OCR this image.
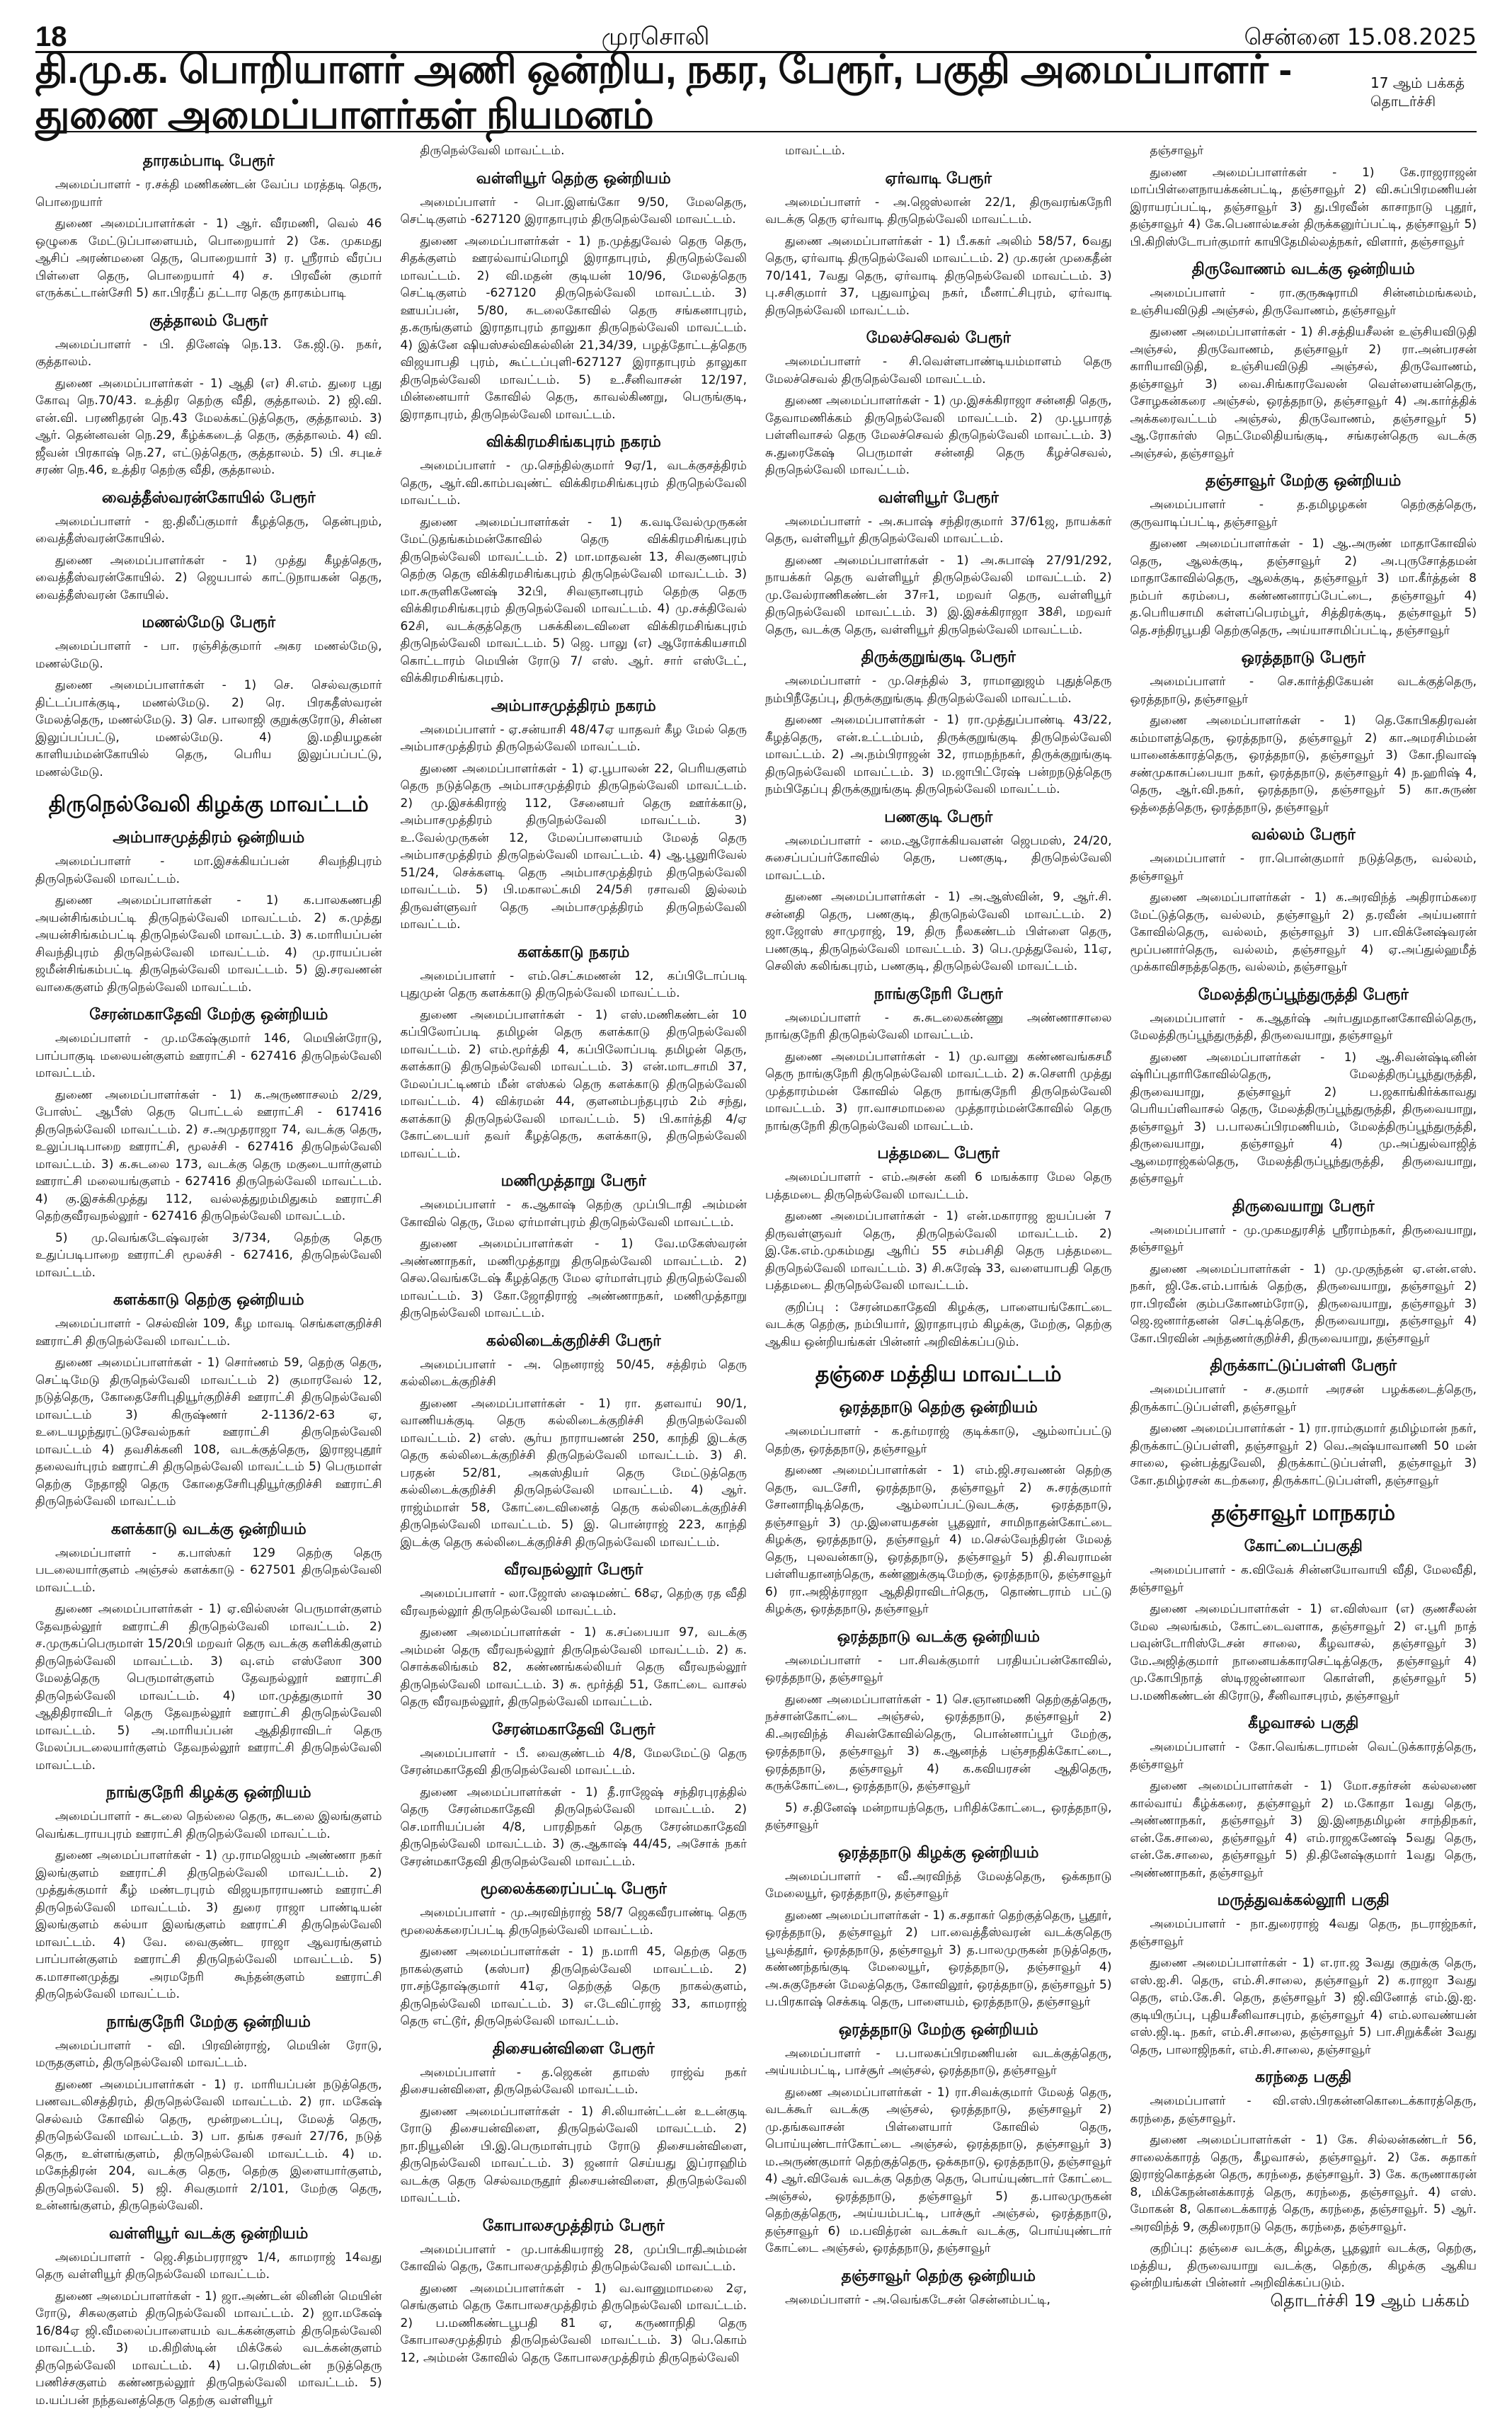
18	முரசொலி	சென்னை 15.08.2025
தி.மு.க. பொறியாளர் அணி ஒன்றிய, நகர, பேரூர், பகுதி அமைப்பாளர் - துணை அமைப்பாளர்கள் நியமனம்
17 ஆம் பக்கத் தொடர்ச்சி
தாரகம்பாடி பேரூர்

அமைப்பாளர் - ர.சக்தி மணிகண்டன் வேப்ப மரத்தடி தெரு, பொறையார்

துணை அமைப்பாளர்கள் - 1) ஆர். வீரமணி, வெல் 46 ஒழுகை மேட்டுப்பாளையம், பொறையார் 2) கே. முகமது ஆசிப் அரண்மனை தெரு, பொறையார் 3) ர. ஸ்ரீராம் வீரப்ப பிள்ளை தெரு, பொறையார் 4) ச. பிரவீன் குமார் எருக்கட்டான்சேரி 5) கா.பிரதீப் தட்டார தெரு தாரகம்பாடி

குத்தாலம் பேரூர்

அமைப்பாளர் - பி. தினேஷ் நெ.13. கே.ஜி.டு. நகர், குத்தாலம்.

துணை அமைப்பாளர்கள் - 1) ஆதி (எ) சி.எம். துரை புது கோவு நெ.70/43. உத்திர தெற்கு வீதி, குத்தாலம். 2) ஜி.வி. என்.வி. பரணிதரன் நெ.43 மேலக்கட்டுத்தெரு, குத்தாலம். 3) ஆர். தென்னவன் நெ.29, கீழ்க்கடைத் தெரு, குத்தாலம். 4) வி. ஜீவன் பிரகாஷ் நெ.27, எட்டுத்தெரு, குத்தாலம். 5) பி. சபுடீச் சரண் நெ.46, உத்திர தெற்கு வீதி, குத்தாலம்.

வைத்தீஸ்வரன்கோயில் பேரூர்

அமைப்பாளர் - ஐ.திலீப்குமார் கீழத்தெரு, தென்புறம், வைத்தீஸ்வரன்கோயில்.

துணை அமைப்பாளர்கள் - 1) முத்து கீழத்தெரு, வைத்தீஸ்வரன்கோயில். 2) ஜெயபால் காட்டுநாயகன் தெரு, வைத்தீஸ்வரன் கோயில்.

மணல்மேடு பேரூர்

அமைப்பாளர் - பா. ரஞ்சித்குமார் அகர மணல்மேடு, மணல்மேடு.

துணை அமைப்பாளர்கள் - 1) செ. செல்வகுமார் திட்டப்பாக்குடி, மணல்மேடு. 2) ரெ. பிரகதீஸ்வரன் மேலத்தெரு, மணல்மேடு. 3) செ. பாலாஜி குறுக்குரோடு, சின்ன இலுப்பப்பட்டு, மணல்மேடு. 4) இ.மதியழகன் காளியம்மன்கோயில் தெரு, பெரிய இலுப்பப்பட்டு, மணல்மேடு.

திருநெல்வேலி கிழக்கு மாவட்டம்
அம்பாசமுத்திரம் ஒன்றியம்

அமைப்பாளர் - மா.இசக்கியப்பன் சிவந்திபுரம் திருநெல்வேலி மாவட்டம்.

துணை அமைப்பாளர்கள் - 1) க.பாலகணபதி அயன்சிங்கம்பட்டி திருநெல்வேலி மாவட்டம். 2) க.முத்து அயன்சிங்கம்பட்டி திருநெல்வேலி மாவட்டம். 3) க.மாரியப்பன் சிவந்திபுரம் திருநெல்வேலி மாவட்டம். 4) மு.ராயப்பன் ஜமீன்சிங்கம்பட்டி திருநெல்வேலி மாவட்டம். 5) இ.சரவணன் வாகைகுளம் திருநெல்வேலி மாவட்டம்.

சேரன்மகாதேவி மேற்கு ஒன்றியம்

அமைப்பாளர் - மு.மகேஷ்குமார் 146, மெயின்ரோடு, பாப்பாகுடி மலையன்குளம் ஊராட்சி - 627416 திருநெல்வேலி மாவட்டம்.

துணை அமைப்பாளர்கள் - 1) க.அருணாசலம் 2/29, போஸ்ட் ஆபீஸ் தெரு பொட்டல் ஊராட்சி - 617416 திருநெல்வேலி மாவட்டம். 2) ச.அமுதராஜா 74, வடக்கு தெரு, உலுப்படிபாறை ஊராட்சி, மூலச்சி - 627416 திருநெல்வேலி மாவட்டம். 3) க.சுடலை 173, வடக்கு தெரு மகுடையார்குளம் ஊராட்சி மலையங்குளம் - 627416 திருநெல்வேலி மாவட்டம். 4) கு.இசக்கிமுத்து 112, வல்லத்துறம்மிதுகம் ஊராட்சி தெற்குவீரவநல்லூர் - 627416 திருநெல்வேலி மாவட்டம்.

5) மு.வெங்கடேஷ்வரன் 3/734, தெற்கு தெரு உதுப்படிபாறை ஊராட்சி மூலச்சி - 627416, திருநெல்வேலி மாவட்டம்.

களக்காடு தெற்கு ஒன்றியம்

அமைப்பாளர் - செல்வின் 109, கீழ மாவடி செங்களகுறிச்சி ஊராட்சி திருநெல்வேலி மாவட்டம்.

துணை அமைப்பாளர்கள் - 1) சொர்ணம் 59, தெற்கு தெரு, செட்டிமேடு திருநெல்வேலி மாவட்டம் 2) குமாரவேல் 12, நடுத்தெரு, கோதைசேரிபுதியூர்குறிச்சி ஊராட்சி திருநெல்வேலி மாவட்டம் 3) கிருஷ்ணர் 2-1136/2-63 ஏ, உடையழந்துரட்டுசேவல்நகர் ஊராட்சி திருநெல்வேலி மாவட்டம் 4) தவசிக்கனி 108, வடக்குத்தெரு, இராஜபுதூர் தலைவர்புரம் ஊராட்சி திருநெல்வேலி மாவட்டம் 5) பெருமாள் தெற்கு நேதாஜி தெரு கோதைசேரிபுதியூர்குறிச்சி ஊராட்சி திருநெல்வேலி மாவட்டம்

களக்காடு வடக்கு ஒன்றியம்

அமைப்பாளர் - க.பாஸ்கர் 129 தெற்கு தெரு படலையார்குளம் அஞ்சல் களக்காடு - 627501 திருநெல்வேலி மாவட்டம்.

துணை அமைப்பாளர்கள் - 1) ஏ.வில்ஸன் பெருமாள்குளம் தேவநல்லூர் ஊராட்சி திருநெல்வேலி மாவட்டம். 2) ச.முருகப்பெருமாள் 15/20பி மறவர் தெரு வடக்கு களிக்கிகுளம் திருநெல்வேலி மாவட்டம். 3) வு.எம் எஸ்ஸோ 300 மேலத்தெரு பெருமாள்குளம் தேவநல்லூர் ஊராட்சி திருநெல்வேலி மாவட்டம். 4) மா.முத்துகுமார் 30 ஆதிதிராவிடர் தெரு தேவநல்லூர் ஊராட்சி திருநெல்வேலி மாவட்டம். 5) அ.மாரியப்பன் ஆதிதிராவிடர் தெரு மேலப்படலையார்குளம் தேவநல்லூர் ஊராட்சி திருநெல்வேலி மாவட்டம்.

நாங்குநேரி கிழக்கு ஒன்றியம்

அமைப்பாளர் - சுடலை நெல்லை தெரு, சுடலை இலங்குளம் வெங்கடராயபுரம் ஊராட்சி திருநெல்வேலி மாவட்டம்.

துணை அமைப்பாளர்கள் - 1) மு.ராமஜெயம் அண்ணா நகர் இலங்குளம் ஊராட்சி திருநெல்வேலி மாவட்டம். 2) முத்துக்குமார் கீழ் மண்டரபுரம் விஜயநாராயணம் ஊராட்சி திருநெல்வேலி மாவட்டம். 3) துரை ராஜா பாண்டியன் இலங்குளம் கல்யா இலங்குளம் ஊராட்சி திருநெல்வேலி மாவட்டம். 4) வே. வைகுண்ட ராஜா ஆவரங்குளம் பாப்பான்குளம் ஊராட்சி திருநெல்வேலி மாவட்டம். 5) க.மாசானமுத்து அரமநேரி கூந்தன்குளம் ஊராட்சி திருநெல்வேலி மாவட்டம்.

நாங்குநேரி மேற்கு ஒன்றியம்

அமைப்பாளர் - வி. பிரவின்ராஜ், மெயின் ரோடு, மருதகுளம், திருநெல்வேலி மாவட்டம்.

துணை அமைப்பாளர்கள் - 1) ர. மாரியப்பன் நடுத்தெரு, பணவடலிசத்திரம், திருநெல்வேலி மாவட்டம். 2) ரா. மகேஷ் செல்வம் கோவில் தெரு, மூன்றடைப்பு, மேலத் தெரு, திருநெல்வேலி மாவட்டம். 3) பா. தங்க ரசவர் 27/76, நடுத் தெரு, உள்ளங்குளம், திருநெல்வேலி மாவட்டம். 4) ம. மகேந்திரன் 204, வடக்கு தெரு, தெற்கு இளையார்குளம், திருநெல்வேலி. 5) ஜி. சிவகுமார் 2/101, மேற்கு தெரு, உன்னங்குளம், திருநெல்வேலி.

வள்ளியூர் வடக்கு ஒன்றியம்

அமைப்பாளர் - ஜெ.சிதம்பரராஜு 1/4, காமராஜ் 14வது தெரு வள்ளியூர் திருநெல்வேலி மாவட்டம்.

துணை அமைப்பாளர்கள் - 1) ஜா.அண்டன் லினின் மெயின் ரோடு, சிசுலகுளம் திருநெல்வேலி மாவட்டம். 2) ஜா.மகேஷ் 16/84ஏ ஜி.வீமலைப்பாளையம் வடக்கன்குளம் திருநெல்வேலி மாவட்டம். 3) ம.கிறிஸ்டின் மிக்கேல் வடக்கன்குளம் திருநெல்வேலி மாவட்டம். 4) ப.ரெமிஸ்டன் நடுத்தெரு பணிச்சகுளம் கண்ணநல்லூர் திருநெல்வேலி மாவட்டம். 5) ம.யப்பன் நந்தவனத்தெரு தெற்கு வள்ளியூர்

திருநெல்வேலி மாவட்டம்.

வள்ளியூர் தெற்கு ஒன்றியம்

அமைப்பாளர் - பொ.இளங்கோ 9/50, மேலதெரு, செட்டிகுளம் -627120 இராதாபுரம் திருநெல்வேலி மாவட்டம்.

துணை அமைப்பாளர்கள் - 1) ந.முத்துவேல் தெரு தெரு, சிதக்குளம் ஊரல்வாய்மொழி இராதாபுரம், திருநெல்வேலி மாவட்டம். 2) வி.மதன் குடியன் 10/96, மேலத்தெரு செட்டிகுளம் -627120 திருநெல்வேலி மாவட்டம். 3) ஊயப்பன், 5/80, சுடலைகோவில் தெரு சங்கனாபுரம், த.கருங்குளம் இராதாபுரம் தாலுகா திருநெல்வேலி மாவட்டம். 4) இக்னே ஷியஸ்சல்விகல்லின் 21,34/39, பழத்தோட்டத்தெரு விஜயாபதி புரம், கூட்டப்புளி-627127 இராதாபுரம் தாலுகா திருநெல்வேலி மாவட்டம். 5) உ.சீனிவாசன் 12/197, மின்னையார் கோவில் தெரு, காவல்கிணறு, பெருங்குடி, இராதாபுரம், திருநெல்வேலி மாவட்டம்.

விக்கிரமசிங்கபுரம் நகரம்

அமைப்பாளர் - மு.செந்தில்குமார் 9ஏ/1, வடக்குசத்திரம் தெரு, ஆர்.வி.காம்பவுண்ட் விக்கிரமசிங்கபுரம் திருநெல்வேலி மாவட்டம்.

துணை அமைப்பாளர்கள் - 1) க.வடிவேல்முருகன் மேட்டுதங்கம்மன்கோவில் தெரு விக்கிரமசிங்கபுரம் திருநெல்வேலி மாவட்டம். 2) மா.மாதவன் 13, சிவகுணபுரம் தெற்கு தெரு விக்கிரமசிங்கபுரம் திருநெல்வேலி மாவட்டம். 3) மா.சுருளிகணேஷ் 32பி, சிவஞானபுரம் தெற்கு தெரு விக்கிரமசிங்கபுரம் திருநெல்வேலி மாவட்டம். 4) மு.சக்திவேல் 62சி, வடக்குத்தெரு பசுக்கிடைவிளை விக்கிரமசிங்கபுரம் திருநெல்வேலி மாவட்டம். 5) ஜெ. பாலு (எ) ஆரோக்கியசாமி கொட்டாரம் மெயின் ரோடு 7/ எஸ். ஆர். சார் எஸ்டேட், விக்கிரமசிங்கபுரம்.

அம்பாசமுத்திரம் நகரம்

அமைப்பாளர் - ஏ.சன்யாசி 48/47ஏ யாதவர் கீழ மேல் தெரு அம்பாசமுத்திரம் திருநெல்வேலி மாவட்டம்.

துணை அமைப்பாளர்கள் - 1) ஏ.பூபாலன் 22, பெரியகுளம் தெரு நடுத்தெரு அம்பாசமுத்திரம் திருநெல்வேலி மாவட்டம். 2) மு.இசக்கிராஜ் 112, சேனையர் தெரு ஊர்க்காடு, அம்பாசமுத்திரம் திருநெல்வேலி மாவட்டம். 3) உ.வேல்முருகன் 12, மேலப்பாளையம் மேலத் தெரு அம்பாசமுத்திரம் திருநெல்வேலி மாவட்டம். 4) ஆ.பூலுரிவேல் 51/24, செக்களடி தெரு அம்பாசமுத்திரம் திருநெல்வேலி மாவட்டம். 5) பி.மகாலட்சுமி 24/5சி ரசாவலி இல்லம் திருவள்ளுவர் தெரு அம்பாசமுத்திரம் திருநெல்வேலி மாவட்டம்.

களக்காடு நகரம்

அமைப்பாளர் - எம்.செட்சுமணன் 12, கப்பிடோப்படி புதுமுன் தெரு களக்காடு திருநெல்வேலி மாவட்டம்.

துணை அமைப்பாளர்கள் - 1) எஸ்.மணிகண்டன் 10 கப்பிலோப்படி தமிழன் தெரு களக்காடு திருநெல்வேலி மாவட்டம். 2) எம்.மூர்த்தி 4, கப்பிலோப்படி தமிழன் தெரு, களக்காடு திருநெல்வேலி மாவட்டம். 3) என்.மாடசாமி 37, மேலப்பட்டிணம் மீன் எஸ்கல் தெரு களக்காடு திருநெல்வேலி மாவட்டம். 4) விக்ரமன் 44, குளனம்பந்தபுரம் 2ம் சந்து, களக்காடு திருநெல்வேலி மாவட்டம். 5) பி.கார்த்தி 4/ஏ கோட்டையர் தவர் கீழத்தெரு, களக்காடு, திருநெல்வேலி மாவட்டம்.

மணிமுத்தாறு பேரூர்

அமைப்பாளர் - க.ஆகாஷ் தெற்கு முப்பிடாதி அம்மன் கோவில் தெரு, மேல ஏர்மாள்புரம் திருநெல்வேலி மாவட்டம்.

துணை அமைப்பாளர்கள் - 1) வே.மகேஸ்வரன் அண்ணாநகர், மணிமுத்தாறு திருநெல்வேலி மாவட்டம். 2) செல.வெங்கடேஷ் கீழத்தெரு மேல ஏர்மாள்புரம் திருநெல்வேலி மாவட்டம். 3) கோ.ஜோதிராஜ் அண்ணாநகர், மணிமுத்தாறு திருநெல்வேலி மாவட்டம்.

கல்லிடைக்குறிச்சி பேரூர்

அமைப்பாளர் - அ. நெனராஜ் 50/45, சத்திரம் தெரு கல்லிடைக்குறிச்சி

துணை அமைப்பாளர்கள் - 1) ரா. தளவாய் 90/1, வாணியக்குடி தெரு கல்லிடைக்குறிச்சி திருநெல்வேலி மாவட்டம். 2) எஸ். சூர்ய நாராயணன் 250, காந்தி இடக்கு தெரு கல்லிடைக்குறிச்சி திருநெல்வேலி மாவட்டம். 3) சி. பரதன் 52/81, அகஸ்தியர் தெரு மேட்டுத்தெரு கல்லிடைக்குறிச்சி திருநெல்வேலி மாவட்டம். 4) ஆர். ராஜ்ம்மாள் 58, கோட்டைவினைத் தெரு கல்லிடைக்குறிச்சி திருநெல்வேலி மாவட்டம். 5) இ. பொன்ராஜ் 223, காந்தி இடக்கு தெரு கல்லிடைக்குறிச்சி திருநெல்வேலி மாவட்டம்.

வீரவநல்லூர் பேரூர்

அமைப்பாளர் - லா.ஜோஸ் ஷைமண்ட் 68ஏ, தெற்கு ரத வீதி வீரவநல்லூர் திருநெல்வேலி மாவட்டம்.

துணை அமைப்பாளர்கள் - 1) க.சப்பையா 97, வடக்கு அம்மன் தெரு வீரவநல்லூர் திருநெல்வேலி மாவட்டம். 2) க. சொக்கலிங்கம் 82, கண்ணங்கல்லியர் தெரு வீரவநல்லூர் திருநெல்வேலி மாவட்டம். 3) சு. மூர்த்தி 51, கோட்டை வாசல் தெரு வீரவநல்லூர், திருநெல்வேலி மாவட்டம்.

சேரன்மகாதேவி பேரூர்

அமைப்பாளர் - பீ. வைகுண்டம் 4/8, மேலமேட்டு தெரு சேரன்மகாதேவி திருநெல்வேலி மாவட்டம்.

துணை அமைப்பாளர்கள் - 1) தீ.ராஜேஷ் சந்திரபுரத்தில் தெரு சேரன்மகாதேவி திருநெல்வேலி மாவட்டம். 2) செ.மாரியப்பன் 4/8, பாரதிநகர் தெரு சேரன்மகாதேவி திருநெல்வேலி மாவட்டம். 3) கு.ஆகாஷ் 44/45, அசோக் நகர் சேரன்மகாதேவி திருநெல்வேலி மாவட்டம்.

மூலைக்கரைப்பட்டி பேரூர்

அமைப்பாளர் - மு.அரவிந்ராஜ் 58/7 ஜெகவீரபாண்டி தெரு மூலைக்கரைப்பட்டி திருநெல்வேலி மாவட்டம்.

துணை அமைப்பாளர்கள் - 1) ந.மாரி 45, தெற்கு தெரு நாகல்குளம் (கஸ்பா) திருநெல்வேலி மாவட்டம். 2) ரா.சந்தோஷ்குமார் 41ஏ, தெற்குத் தெரு நாகல்குளம், திருநெல்வேலி மாவட்டம். 3) எ.டேவிட்ராஜ் 33, காமராஜ் தெரு எட்டூர், திருநெல்வேலி மாவட்டம்.

திசையன்விளை பேரூர்

அமைப்பாளர் - த.ஜெகன் தாமஸ் ராஜ்வ் நகர் திசையன்விளை, திருநெல்வேலி மாவட்டம்.

துணை அமைப்பாளர்கள் - 1) சி.லியான்ட்டன் உடன்குடி ரோடு திசையன்விளை, திருநெல்வேலி மாவட்டம். 2) நா.நியூலின் பி.இ.பெருமாள்புரம் ரோடு திசையன்விளை, திருநெல்வேலி மாவட்டம். 3) ஜனார் செய்யது இப்ராஹிம் வடக்கு தெரு செல்வமருதூர் திசையன்விளை, திருநெல்வேலி மாவட்டம்.

கோபாலசமுத்திரம் பேரூர்

அமைப்பாளர் - மு.பாக்கியராஜ் 28, முப்பிடாதிஅம்மன் கோவில் தெரு, கோபாலசமுத்திரம் திருநெல்வேலி மாவட்டம்.

துணை அமைப்பாளர்கள் - 1) வ.வானுமாமலை 2ஏ, செங்குளம் தெரு கோபாலசமுத்திரம் திருநெல்வேலி மாவட்டம். 2) ப.மணிகண்டபூபதி 81 ஏ, கருணாநிதி தெரு கோபாலசமுத்திரம் திருநெல்வேலி மாவட்டம். 3) பெ.கொம் 12, அம்மன் கோவில் தெரு கோபாலசமுத்திரம் திருநெல்வேலி

மாவட்டம்.

ஏர்வாடி பேரூர்

அமைப்பாளர் - அ.ஜெஸ்லான் 22/1, திருவரங்கநேரி வடக்கு தெரு ஏர்வாடி திருநெல்வேலி மாவட்டம்.

துணை அமைப்பாளர்கள் - 1) பீ.சுகர் அலிம் 58/57, 6வது தெரு, ஏர்வாடி திருநெல்வேலி மாவட்டம். 2) மு.கரன் முகைதீன் 70/141, 7வது தெரு, ஏர்வாடி திருநெல்வேலி மாவட்டம். 3) பு.சசிகுமார் 37, புதுவாழ்வு நகர், மீனாட்சிபுரம், ஏர்வாடி திருநெல்வேலி மாவட்டம்.

மேலச்செவல் பேரூர்

அமைப்பாளர் - சி.வெள்ளபாண்டியம்மாளம் தெரு மேலச்செவல் திருநெல்வேலி மாவட்டம்.

துணை அமைப்பாளர்கள் - 1) மு.இசக்கிராஜா சன்னதி தெரு, தேவாமணிக்கம் திருநெல்வேலி மாவட்டம். 2) மு.பூபாரத் பள்ளிவாசல் தெரு மேலச்செவல் திருநெல்வேலி மாவட்டம். 3) சு.துரைகேஷ் பெருமாள் சன்னதி தெரு கீழச்செவல், திருநெல்வேலி மாவட்டம்.

வள்ளியூர் பேரூர்

அமைப்பாளர் - அ.சுபாஷ் சந்திரகுமார் 37/61ஜ, நாயக்கர் தெரு, வள்ளியூர் திருநெல்வேலி மாவட்டம்.

துணை அமைப்பாளர்கள் - 1) அ.சுபாஷ் 27/91/292, நாயக்கர் தெரு வள்ளியூர் திருநெல்வேலி மாவட்டம். 2) மு.வேல்ராணிகண்டன் 37ஈ1, மறவர் தெரு, வள்ளியூர் திருநெல்வேலி மாவட்டம். 3) இ.இசக்கிராஜா 38சி, மறவர் தெரு, வடக்கு தெரு, வள்ளியூர் திருநெல்வேலி மாவட்டம்.

திருக்குறுங்குடி பேரூர்

அமைப்பாளர் - மு.செந்தில் 3, ராமானுஜம் புதுத்தெரு நம்பிநீதேப்பு, திருக்குறுங்குடி திருநெல்வேலி மாவட்டம்.

துணை அமைப்பாளர்கள் - 1) ரா.முத்துப்பாண்டி 43/22, கீழத்தெரு, என்.உட்டம்பம், திருக்குறுங்குடி திருநெல்வேலி மாவட்டம். 2) அ.நம்பிராஜன் 32, ராமநந்நகர், திருக்குறுங்குடி திருநெல்வேலி மாவட்டம். 3) ம.ஜாபிட்ரேஷ் பன்றநடுத்தெரு நம்பிதேப்பு திருக்குறுங்குடி திருநெல்வேலி மாவட்டம்.

பணகுடி பேரூர்

அமைப்பாளர் - மை.ஆரோக்கியவளன் ஜெபமஸ், 24/20, சுசைப்பப்பர்கோவில் தெரு, பணகுடி, திருநெல்வேலி மாவட்டம்.

துணை அமைப்பாளர்கள் - 1) அ.ஆஸ்வின், 9, ஆர்.சி. சன்னதி தெரு, பணகுடி, திருநெல்வேலி மாவட்டம். 2) ஜா.ஜோஸ் சாமுராஜ், 19, திரு நீலகண்டம் பிள்ளை தெரு, பணகுடி, திருநெல்வேலி மாவட்டம். 3) பெ.முத்துவேல், 11ஏ, செலிஸ் கலிங்கபுரம், பணகுடி, திருநெல்வேலி மாவட்டம்.

நாங்குநேரி பேரூர்

அமைப்பாளர் - சு.சுடலைகண்ணு அண்ணாசாலை நாங்குநேரி திருநெல்வேலி மாவட்டம்.

துணை அமைப்பாளர்கள் - 1) மு.வானு கண்ணவங்கசமீ தெரு நாங்குநேரி திருநெல்வேலி மாவட்டம். 2) சு.சௌரி முத்து முத்தாரம்மன் கோவில் தெரு நாங்குநேரி திருநெல்வேலி மாவட்டம். 3) ரா.வாசமாமலை முத்தாரம்மன்கோவில் தெரு நாங்குநேரி திருநெல்வேலி மாவட்டம்.

பத்தமடை பேரூர்

அமைப்பாளர் - எம்.அசன் கனி 6 மஙக்கார மேல தெரு பத்தமடை திருநெல்வேலி மாவட்டம்.

துணை அமைப்பாளர்கள் - 1) என்.மகாராஜ ஐயப்பன் 7 திருவள்ளுவர் தெரு, திருநெல்வேலி மாவட்டம். 2) இ.கே.எம்.முகம்மது ஆரிப் 55 சம்பசிதி தெரு பத்தமடை திருநெல்வேலி மாவட்டம். 3) சி.சுரேஷ் 33, வளையாபதி தெரு பத்தமடை திருநெல்வேலி மாவட்டம்.

குறிப்பு : சேரன்மகாதேவி கிழக்கு, பாளையங்கோட்டை வடக்கு தெற்கு, நம்பியார், இராதாபுரம் கிழக்கு, மேற்கு, தெற்கு ஆகிய ஒன்றியங்கள் பின்னர் அறிவிக்கப்படும்.

தஞ்சை மத்திய மாவட்டம்
ஒரத்தநாடு தெற்கு ஒன்றியம்

அமைப்பாளர் - க.தர்மராஜ் குடிக்காடு, ஆம்லாப்பட்டு தெற்கு, ஒரத்தநாடு, தஞ்சாவூர்

துணை அமைப்பாளர்கள் - 1) எம்.ஜி.சரவணன் தெற்கு தெரு, வடசேரி, ஒரத்தநாடு, தஞ்சாவூர் 2) சு.சரத்குமார் சோனாநிடித்தெரு, ஆம்லாப்பட்டுவடக்கு, ஒரத்தநாடு, தஞ்சாவூர் 3) மு.இளையதசன் பூதலூர், சாமிநாதன்கோட்டை கிழக்கு, ஒரத்தநாடு, தஞ்சாவூர் 4) ம.செல்வேந்திரன் மேலத் தெரு, புலவன்காடு, ஒரத்தநாடு, தஞ்சாவூர் 5) தி.சிவராமன் பள்ளியதானந்தெரு, கண்ணுக்குடிமேற்கு, ஒரத்தநாடு, தஞ்சாவூர் 6) ரா.அஜித்ராஜா ஆதிதிராவிடர்தெரு, தொண்டராம் பட்டு கிழக்கு, ஒரத்தநாடு, தஞ்சாவூர்

ஒரத்தநாடு வடக்கு ஒன்றியம்

அமைப்பாளர் - பா.சிவக்குமார் பரதியப்பன்கோவில், ஒரத்தநாடு, தஞ்சாவூர்

துணை அமைப்பாளர்கள் - 1) செ.ஞானமணி தெற்குத்தெரு, நச்சான்கோட்டை அஞ்சல், ஒரத்தநாடு, தஞ்சாவூர் 2) கி.அரவிந்த் சிவன்கோவில்தெரு, பொன்னாப்பூர் மேற்கு, ஒரத்தநாடு, தஞ்சாவூர் 3) க.ஆனந்த் பஞ்சநதிக்கோட்டை, ஒரத்தநாடு, தஞ்சாவூர் 4) க.கவியரசன் ஆதிதெரு, கருக்கோட்டை, ஒரத்தநாடு, தஞ்சாவூர்

5) ச.தினேஷ் மன்றாயந்தெரு, பரிதிக்கோட்டை, ஒரத்தநாடு, தஞ்சாவூர்

ஒரத்தநாடு கிழக்கு ஒன்றியம்

அமைப்பாளர் - வீ.அரவிந்த் மேலத்தெரு, ஒக்கநாடு மேலையூர், ஒரத்தநாடு, தஞ்சாவூர்

துணை அமைப்பாளர்கள் - 1) க.சதாகர் தெற்குத்தெரு, பூதூர், ஒரத்தநாடு, தஞ்சாவூர் 2) பா.வைத்தீஸ்வரன் வடக்குதெரு பூவத்தூர், ஒரத்தநாடு, தஞ்சாவூர் 3) த.பாலமுருகன் நடுத்தெரு, கண்ணந்தங்குடி மேலையூர், ஒரத்தநாடு, தஞ்சாவூர் 4) அ.சுகுநேசன் மேலத்தெரு, கோவிலூர், ஒரத்தநாடு, தஞ்சாவூர் 5) ப.பிரகாஷ் செக்கடி தெரு, பாளையம், ஒரத்தநாடு, தஞ்சாவூர்

ஒரத்தநாடு மேற்கு ஒன்றியம்

அமைப்பாளர் - ப.பாலசுப்பிரமணியன் வடக்குத்தெரு, அய்யம்பட்டி, பாச்சூர் அஞ்சல், ஒரத்தநாடு, தஞ்சாவூர்

துணை அமைப்பாளர்கள் - 1) ரா.சிவக்குமார் மேலத் தெரு, வடக்கூர் வடக்கு அஞ்சல், ஒரத்தநாடு, தஞ்சாவூர் 2) மு.தங்கவாசன் பிள்ளையார் கோவில் தெரு, பொய்யுண்டார்கோட்டை அஞ்சல், ஒரத்தநாடு, தஞ்சாவூர் 3) ம.அருண்குமார் தெற்குத்தெரு, ஒக்கநாடு, ஒரத்தநாடு, தஞ்சாவூர் 4) ஆர்.விவேக் வடக்கு தெற்கு தெரு, பொய்யுண்டார் கோட்டை அஞ்சல், ஒரத்தநாடு, தஞ்சாவூர் 5) த.பாலமுருகன் தெற்குத்தெரு, அய்யம்பட்டி, பாச்சூர் அஞ்சல், ஒரத்தநாடு, தஞ்சாவூர் 6) ம.பவித்ரன் வடக்கூர் வடக்கு, பொய்யுண்டார் கோட்டை அஞ்சல், ஒரத்தநாடு, தஞ்சாவூர்

தஞ்சாவூர் தெற்கு ஒன்றியம்

அமைப்பாளர் - அ.வெங்கடேசன் சென்னம்பட்டி,

தஞ்சாவூர்

துணை அமைப்பாளர்கள் - 1) கே.ராஜராஜன் மாப்பிள்ளைநாயக்கன்பட்டி, தஞ்சாவூர் 2) வி.சுப்பிரமணியன் இராயரப்பட்டி, தஞ்சாவூர் 3) து.பிரவீன் காசாநாடு புதூர், தஞ்சாவூர் 4) கே.பெனால்டீசன் திருக்கனுர்ப்பட்டி, தஞ்சாவூர் 5) பி.கிறிஸ்டோபர்குமார் காயிதேமில்லத்நகர், விளார், தஞ்சாவூர்

திருவோணம் வடக்கு ஒன்றியம்

அமைப்பாளர் - ரா.குருக்ஷராமி சின்னம்மங்கலம், உஞ்சியவிடுதி அஞ்சல், திருவோணம், தஞ்சாவூர்

துணை அமைப்பாளர்கள் - 1) சி.சத்தியசீலன் உஞ்சியவிடுதி அஞ்சல், திருவோணம், தஞ்சாவூர் 2) ரா.அன்பரசன் காரியாவிடுதி, உஞ்சியவிடுதி அஞ்சல், திருவோணம், தஞ்சாவூர் 3) வை.சிங்காரவேலன் வெள்ளையன்தெரு, சோழகன்கரை அஞ்சல், ஒரத்தநாடு, தஞ்சாவூர் 4) அ.கார்த்திக் அக்கரைவட்டம் அஞ்சல், திருவோணம், தஞ்சாவூர் 5) ஆ.ரோகர்ஸ் நெட்மேலிதியங்குடி, சங்கரன்தெரு வடக்கு அஞ்சல், தஞ்சாவூர்

தஞ்சாவூர் மேற்கு ஒன்றியம்

அமைப்பாளர் - த.தமிழழகன் தெற்குத்தெரு, குருவாடிப்பட்டி, தஞ்சாவூர்

துணை அமைப்பாளர்கள் - 1) ஆ.அருண் மாதாகோவில் தெரு, ஆலக்குடி, தஞ்சாவூர் 2) அ.புருசோத்தமன் மாதாகோவில்தெரு, ஆலக்குடி, தஞ்சாவூர் 3) மா.கீர்த்தன் 8 நம்பர் கரம்பை, கண்ணனாரப்பேட்டை, தஞ்சாவூர் 4) த.பெரியசாமி கள்ளப்பெரம்பூர், சித்திரக்குடி, தஞ்சாவூர் 5) தெ.சந்திரபூபதி தெற்குதெரு, அய்யாசாமிப்பட்டி, தஞ்சாவூர்

ஒரத்தநாடு பேரூர்

அமைப்பாளர் - செ.கார்த்திகேயன் வடக்குத்தெரு, ஒரத்தநாடு, தஞ்சாவூர்

துணை அமைப்பாளர்கள் - 1) தெ.கோபிகதிரவன் கம்மாளத்தெரு, ஒரத்தநாடு, தஞ்சாவூர் 2) கா.அமரசிம்மன் யானைக்காரத்தெரு, ஒரத்தநாடு, தஞ்சாவூர் 3) கோ.நிவாஷ் சண்முகாசுப்பையா நகர், ஒரத்தநாடு, தஞ்சாவூர் 4) ந.ஹரிஷ் 4, தெரு, ஆர்.வி.நகர், ஒரத்தநாடு, தஞ்சாவூர் 5) கா.சுருண் ஒத்தைத்தெரு, ஒரத்தநாடு, தஞ்சாவூர்

வல்லம் பேரூர்

அமைப்பாளர் - ரா.பொன்குமார் நடுத்தெரு, வல்லம், தஞ்சாவூர்

துணை அமைப்பாளர்கள் - 1) க.அரவிந்த் அதிராம்கரை மேட்டுத்தெரு, வல்லம், தஞ்சாவூர் 2) த.ரவீன் அய்யனார் கோவில்தெரு, வல்லம், தஞ்சாவூர் 3) பா.விக்னேஷ்வரன் மூப்பனார்தெரு, வல்லம், தஞ்சாவூர் 4) ஏ.அப்துல்ஹமீத் முக்காவிசநத்ததெரு, வல்லம், தஞ்சாவூர்

மேலத்திருப்பூந்துருத்தி பேரூர்

அமைப்பாளர் - க.ஆதர்ஷ் அர்பதுமதானகோவில்தெரு, மேலத்திருப்பூந்துருத்தி, திருவையாறு, தஞ்சாவூர்

துணை அமைப்பாளர்கள் - 1) ஆ.சிவன்ஷ்டினின் ஷ்ரிப்புதாரிகோவில்தெரு, மேலத்திருப்பூந்துருத்தி, திருவையாறு, தஞ்சாவூர் 2) ப.ஜகாங்கிர்க்காவது பெரியப்ளிவாசல் தெரு, மேலத்திருப்பூந்துருத்தி, திருவையாறு, தஞ்சாவூர் 3) ப.பாலசுப்பிரமணியம், மேலத்திருப்பூந்துருத்தி, திருவையாறு, தஞ்சாவூர் 4) மு.அப்துல்வாஜித் ஆமைராஜ்கல்தெரு, மேலத்திருப்பூந்துருத்தி, திருவையாறு, தஞ்சாவூர்

திருவையாறு பேரூர்

அமைப்பாளர் - மு.முகமதுரசித் ஸ்ரீராம்நகர், திருவையாறு, தஞ்சாவூர்

துணை அமைப்பாளர்கள் - 1) மு.முகுந்தன் ஏ.என்.எஸ். நகர், ஜி.கே.எம்.பாங்க் தெற்கு, திருவையாறு, தஞ்சாவூர் 2) ரா.பிரவீன் கும்பகோணம்ரோடு, திருவையாறு, தஞ்சாவூர் 3) ஜெ.ஜனார்தனன் செட்டித்தெரு, திருவையாறு, தஞ்சாவூர் 4) கோ.பிரவின் அந்தணர்குறிச்சி, திருவையாறு, தஞ்சாவூர்

திருக்காட்டுப்பள்ளி பேரூர்

அமைப்பாளர் - ச.குமார் அரசன் பழக்கடைத்தெரு, திருக்காட்டுப்பள்ளி, தஞ்சாவூர்

துணை அமைப்பாளர்கள் - 1) ரா.ராம்குமார் தமிழ்மான் நகர், திருக்காட்டுப்பள்ளி, தஞ்சாவூர் 2) வெ.அஷ்யாவாணி 50 மன் சாலை, ஒன்பத்துவேலி, திருக்காட்டுப்பள்ளி, தஞ்சாவூர் 3) கோ.தமிழ்ரசன் கடற்கரை, திருக்காட்டுப்பள்ளி, தஞ்சாவூர்

தஞ்சாவூர் மாநகரம்
கோட்டைப்பகுதி

அமைப்பாளர் - க.விவேக் சின்னயோவாயி வீதி, மேலவீதி, தஞ்சாவூர்

துணை அமைப்பாளர்கள் - 1) எ.விஸ்வா (எ) குணசீலன் மேல அலங்கம், கோட்டைவளாக, தஞ்சாவூர் 2) எ.பூரி நாத் பவுன்டோரிஸ்டேசன் சாலை, கீழவாசல், தஞ்சாவூர் 3) மே.அஜித்குமார் நானையக்காரசெட்டித்தெரு, தஞ்சாவூர் 4) மு.கோபிநாத் ஸ்டிரஜன்னாலா கொள்ளி, தஞ்சாவூர் 5) ப.மணிகண்டன் கிரோடு, சீனிவாசபுரம், தஞ்சாவூர்

கீழவாசல் பகுதி

அமைப்பாளர் - கோ.வெங்கடராமன் வெட்டுக்காரத்தெரு, தஞ்சாவூர்

துணை அமைப்பாளர்கள் - 1) மோ.சதர்சன் கல்லணை கால்வாய் கீழ்க்கரை, தஞ்சாவூர் 2) ம.கோதா 1வது தெரு, அண்ணாநகர், தஞ்சாவூர் 3) இ.இனநதமிழன் சாந்திநகர், என்.கே.சாலை, தஞ்சாவூர் 4) எம்.ராஜகணேஷ் 5வது தெரு, என்.கே.சாலை, தஞ்சாவூர் 5) தி.தினேஷ்குமார் 1வது தெரு, அண்ணாநகர், தஞ்சாவூர்

மருத்துவக்கல்லூரி பகுதி

அமைப்பாளர் - நா.துரைராஜ் 4வது தெரு, நடராஜ்நகர், தஞ்சாவூர்

துணை அமைப்பாளர்கள் - 1) எ.ரா.ஜ 3வது குறுக்கு தெரு, எஸ்.ஐ.சி. தெரு, எம்.சி.சாலை, தஞ்சாவூர் 2) க.ராஜா 3வது தெரு, எம்.கே.சி. தெரு, தஞ்சாவூர் 3) ஜி.வினோத் எம்.இ.ஐ. குடியிருப்பு, புதியசீனிவாசபுரம், தஞ்சாவூர் 4) எம்.லாவண்யன் எஸ்.ஜி.டி. நகர், எம்.சி.சாலை, தஞ்சாவூர் 5) பா.சிறுக்கீன் 3வது தெரு, பாலாஜிநகர், எம்.சி.சாலை, தஞ்சாவூர்

கரந்தை பகுதி

அமைப்பாளர் - வி.எஸ்.பிரகன்னகொடைக்காரத்தெரு, கரந்தை, தஞ்சாவூர்.

துணை அமைப்பாளர்கள் - 1) கே. சில்லன்கண்டர் 56, சாலைக்காரத் தெரு, கீழவாசல், தஞ்சாவூர். 2) கே. சுதாகர் இராஜ்கொத்தன் தெரு, கரந்தை, தஞ்சாவூர். 3) கே. கருணாகரன் 8, மிக்கேநன்னக்காரத் தெரு, கரந்தை, தஞ்சாவூர். 4) எஸ். மோகன் 8, கொடைக்காரத் தெரு, கரந்தை, தஞ்சாவூர். 5) ஆர். அரவிந்த் 9, குதிரைநாடு தெரு, கரந்தை, தஞ்சாவூர்.

குறிப்பு: தஞ்சை வடக்கு, கிழக்கு, பூதலூர் வடக்கு, தெற்கு, மத்திய, திருவையாறு வடக்கு, தெற்கு, கிழக்கு ஆகிய ஒன்றியங்கள் பின்னர் அறிவிக்கப்படும்.

தொடர்ச்சி 19 ஆம் பக்கம்
